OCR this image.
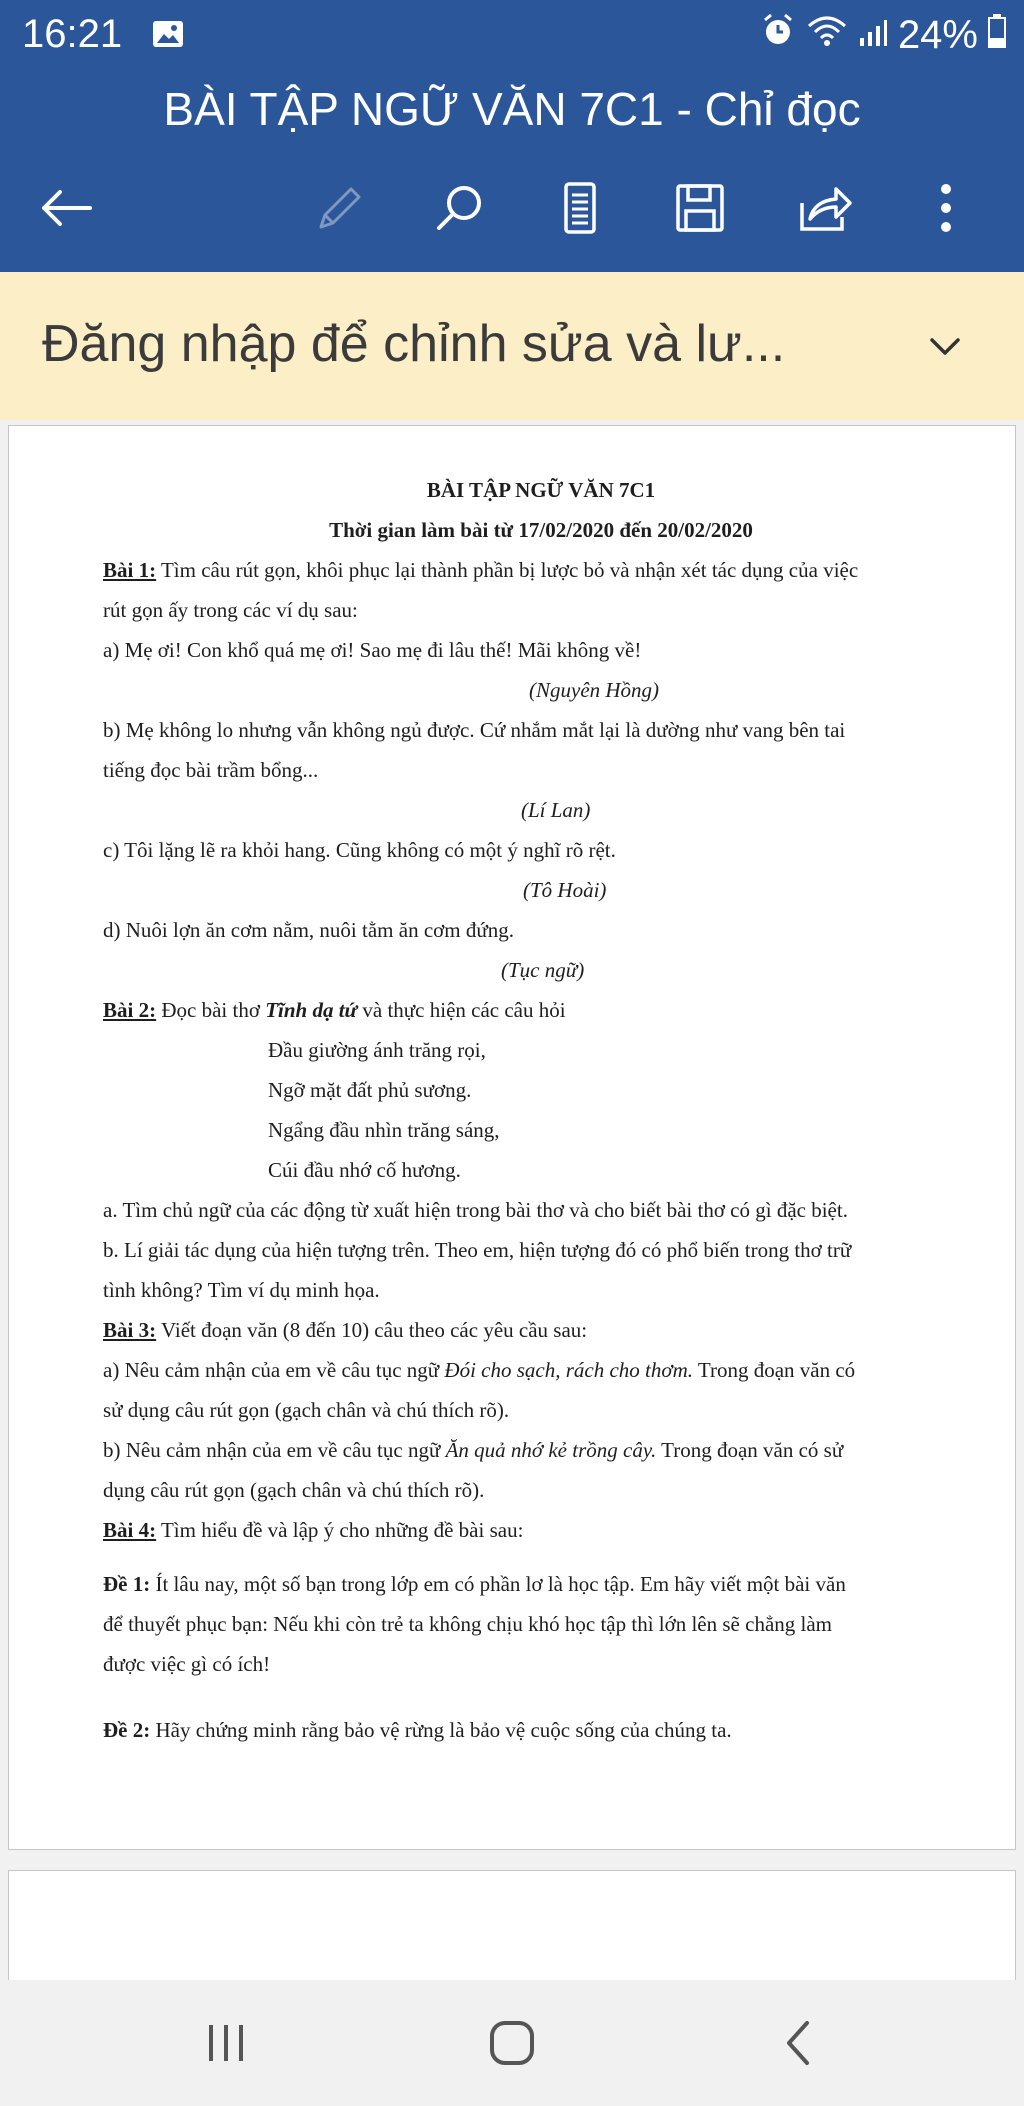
16:21	24%
BÀI TẬP NGỮ VĂN 7C1 - Chỉ đọc
Đăng nhập để chỉnh sửa và lư...
BÀI TẬP NGỮ VĂN 7C1
Thời gian làm bài từ 17/02/2020 đến 20/02/2020
Bài 1: Tìm câu rút gọn, khôi phục lại thành phần bị lược bỏ và nhận xét tác dụng của việc
rút gọn ấy trong các ví dụ sau:
a) Mẹ ơi! Con khổ quá mẹ ơi! Sao mẹ đi lâu thế! Mãi không về!
(Nguyên Hồng)
b) Mẹ không lo nhưng vẫn không ngủ được. Cứ nhắm mắt lại là dường như vang bên tai
tiếng đọc bài trầm bổng...
(Lí Lan)
c) Tôi lặng lẽ ra khỏi hang. Cũng không có một ý nghĩ rõ rệt.
(Tô Hoài)
d) Nuôi lợn ăn cơm nằm, nuôi tằm ăn cơm đứng.
(Tục ngữ)
Bài 2: Đọc bài thơ Tĩnh dạ tứ và thực hiện các câu hỏi
Đầu giường ánh trăng rọi,
Ngỡ mặt đất phủ sương.
Ngẩng đầu nhìn trăng sáng,
Cúi đầu nhớ cố hương.
a. Tìm chủ ngữ của các động từ xuất hiện trong bài thơ và cho biết bài thơ có gì đặc biệt.
b. Lí giải tác dụng của hiện tượng trên. Theo em, hiện tượng đó có phổ biến trong thơ trữ
tình không? Tìm ví dụ minh họa.
Bài 3: Viết đoạn văn (8 đến 10) câu theo các yêu cầu sau:
a) Nêu cảm nhận của em về câu tục ngữ Đói cho sạch, rách cho thơm. Trong đoạn văn có
sử dụng câu rút gọn (gạch chân và chú thích rõ).
b) Nêu cảm nhận của em về câu tục ngữ Ăn quả nhớ kẻ trồng cây. Trong đoạn văn có sử
dụng câu rút gọn (gạch chân và chú thích rõ).
Bài 4: Tìm hiểu đề và lập ý cho những đề bài sau:
Đề 1: Ít lâu nay, một số bạn trong lớp em có phần lơ là học tập. Em hãy viết một bài văn
để thuyết phục bạn: Nếu khi còn trẻ ta không chịu khó học tập thì lớn lên sẽ chẳng làm
được việc gì có ích!
Đề 2: Hãy chứng minh rằng bảo vệ rừng là bảo vệ cuộc sống của chúng ta.
